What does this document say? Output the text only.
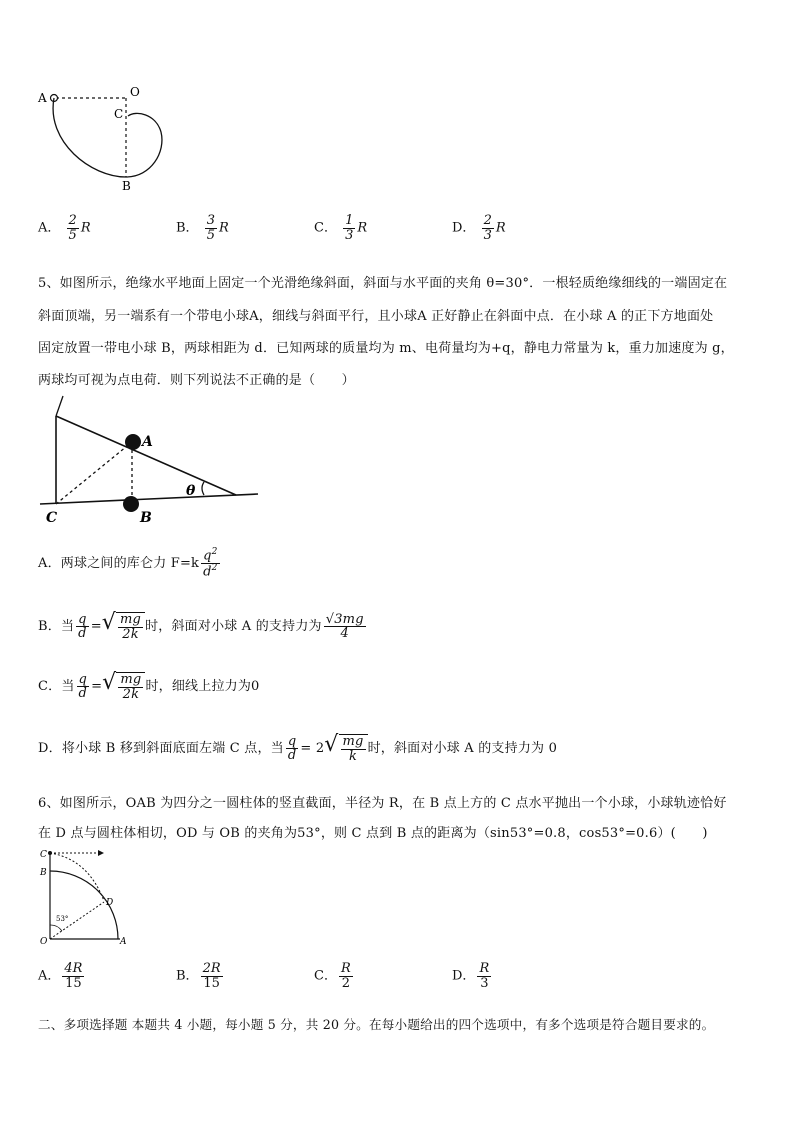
A	O
C
B
A． $\frac{2}{5}$ R	B． $\frac{3}{5}$ R	C． $\frac{1}{3}$ R	D． $\frac{2}{3}$ R
5、如图所示，绝缘水平地面上固定一个光滑绝缘斜面，斜面与水平面的夹角 θ=30°．一根轻质绝缘细线的一端固定在
斜面顶端，另一端系有一个带电小球A，细线与斜面平行，且小球A 正好静止在斜面中点．在小球 A 的正下方地面处
固定放置一带电小球 B，两球相距为 d．已知两球的质量均为 m、电荷量均为+q，静电力常量为 k，重力加速度为 g，
两球均可视为点电荷．则下列说法不正确的是（　　）
A
B
C
θ
A．两球之间的库仑力 $F=k \frac{q^2}{d^2}$
B．当 $\frac{q}{d}$ = √ $\frac{mg}{2k}$ 时，斜面对小球 A 的支持力为 $\frac{√3mg}{4}$
C．当 $\frac{q}{d}$ = √ $\frac{mg}{2k}$ 时，细线上拉力为0
D．将小球 B 移到斜面底面左端 C 点，当 $\frac{q}{d} = 2$ √ $\frac{mg}{k}$ 时，斜面对小球 A 的支持力为 0
6、如图所示，OAB 为四分之一圆柱体的竖直截面，半径为 R，在 B 点上方的 C 点水平抛出一个小球，小球轨迹恰好
在 D 点与圆柱体相切，OD 与 OB 的夹角为53°，则 C 点到 B 点的距离为（sin53°=0.8，cos53°=0.6）(　　)
C
B
D
O	A
53°
A． $\frac{4R}{15}$	B． $\frac{2R}{15}$	C． $\frac{R}{2}$	D． $\frac{R}{3}$
二、多项选择题 本题共 4 小题，每小题 5 分，共 20 分。在每小题给出的四个选项中，有多个选项是符合题目要求的。
